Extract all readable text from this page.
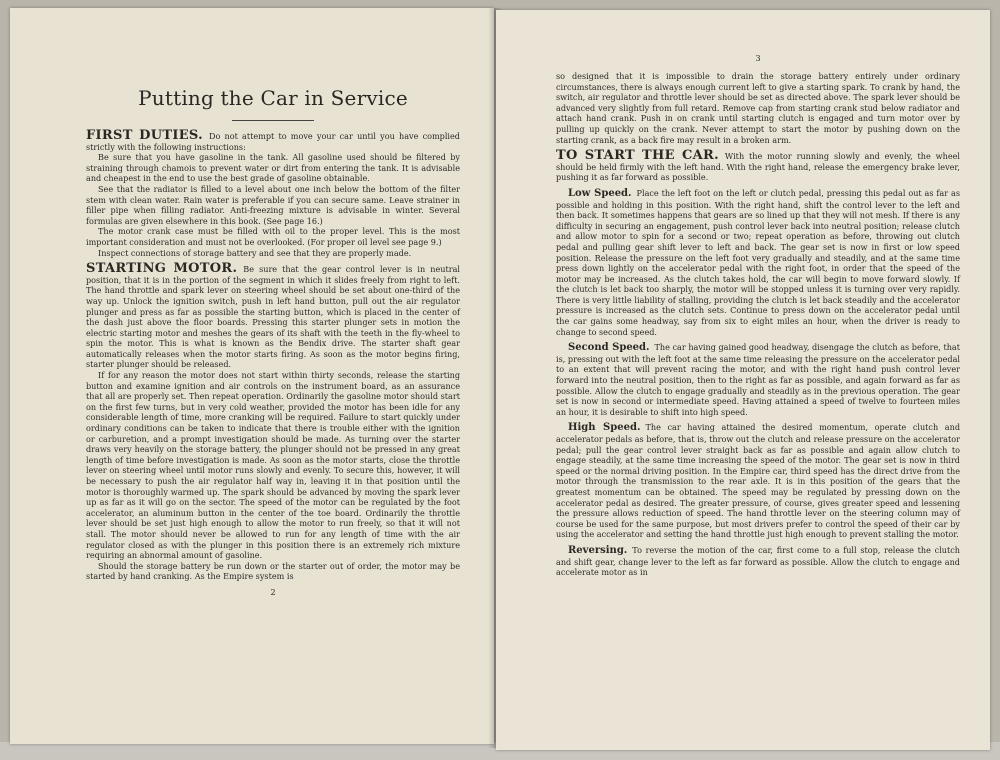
Putting the Car in Service

FIRST DUTIES. Do not attempt to move your car until you have complied strictly with the following instructions:

Be sure that you have gasoline in the tank. All gasoline used should be filtered by straining through chamois to prevent water or dirt from entering the tank. It is advisable and cheapest in the end to use the best grade of gasoline obtainable.

See that the radiator is filled to a level about one inch below the bottom of the filter stem with clean water. Rain water is preferable if you can secure same. Leave strainer in filler pipe when filling radiator. Anti-freezing mixture is advisable in winter. Several formulas are given elsewhere in this book. (See page 16.)

The motor crank case must be filled with oil to the proper level. This is the most important consideration and must not be overlooked. (For proper oil level see page 9.)

Inspect connections of storage battery and see that they are properly made.

STARTING MOTOR. Be sure that the gear control lever is in neutral position, that it is in the portion of the segment in which it slides freely from right to left. The hand throttle and spark lever on steering wheel should be set about one-third of the way up. Unlock the ignition switch, push in left hand button, pull out the air regulator plunger and press as far as possible the starting button, which is placed in the center of the dash just above the floor boards. Pressing this starter plunger sets in motion the electric starting motor and meshes the gears of its shaft with the teeth in the fly-wheel to spin the motor. This is what is known as the Bendix drive. The starter shaft gear automatically releases when the motor starts firing. As soon as the motor begins firing, starter plunger should be released.

If for any reason the motor does not start within thirty seconds, release the starting button and examine ignition and air controls on the instrument board, as an assurance that all are properly set. Then repeat operation. Ordinarily the gasoline motor should start on the first few turns, but in very cold weather, provided the motor has been idle for any considerable length of time, more cranking will be required. Failure to start quickly under ordinary conditions can be taken to indicate that there is trouble either with the ignition or carburetion, and a prompt investigation should be made. As turning over the starter draws very heavily on the storage battery, the plunger should not be pressed in any great length of time before investigation is made. As soon as the motor starts, close the throttle lever on steering wheel until motor runs slowly and evenly. To secure this, however, it will be necessary to push the air regulator half way in, leaving it in that position until the motor is thoroughly warmed up. The spark should be advanced by moving the spark lever up as far as it will go on the sector. The speed of the motor can be regulated by the foot accelerator, an aluminum button in the center of the toe board. Ordinarily the throttle lever should be set just high enough to allow the motor to run freely, so that it will not stall. The motor should never be allowed to run for any length of time with the air regulator closed as with the plunger in this position there is an extremely rich mixture requiring an abnormal amount of gasoline.

Should the storage battery be run down or the starter out of order, the motor may be started by hand cranking. As the Empire system is

2
3

so designed that it is impossible to drain the storage battery entirely under ordinary circumstances, there is always enough current left to give a starting spark. To crank by hand, the switch, air regulator and throttle lever should be set as directed above. The spark lever should be advanced very slightly from full retard. Remove cap from starting crank stud below radiator and attach hand crank. Push in on crank until starting clutch is engaged and turn motor over by pulling up quickly on the crank. Never attempt to start the motor by pushing down on the starting crank, as a back fire may result in a broken arm.

TO START THE CAR. With the motor running slowly and evenly, the wheel should be held firmly with the left hand. With the right hand, release the emergency brake lever, pushing it as far forward as possible.

Low Speed. Place the left foot on the left or clutch pedal, pressing this pedal out as far as possible and holding in this position. With the right hand, shift the control lever to the left and then back. It sometimes happens that gears are so lined up that they will not mesh. If there is any difficulty in securing an engagement, push control lever back into neutral position; release clutch and allow motor to spin for a second or two; repeat operation as before, throwing out clutch pedal and pulling gear shift lever to left and back. The gear set is now in first or low speed position. Release the pressure on the left foot very gradually and steadily, and at the same time press down lightly on the accelerator pedal with the right foot, in order that the speed of the motor may be increased. As the clutch takes hold, the car will begin to move forward slowly. If the clutch is let back too sharply, the motor will be stopped unless it is turning over very rapidly. There is very little liability of stalling, providing the clutch is let back steadily and the accelerator pressure is increased as the clutch sets. Continue to press down on the accelerator pedal until the car gains some headway, say from six to eight miles an hour, when the driver is ready to change to second speed.

Second Speed. The car having gained good headway, disengage the clutch as before, that is, pressing out with the left foot at the same time releasing the pressure on the accelerator pedal to an extent that will prevent racing the motor, and with the right hand push control lever forward into the neutral position, then to the right as far as possible, and again forward as far as possible. Allow the clutch to engage gradually and steadily as in the previous operation. The gear set is now in second or intermediate speed. Having attained a speed of twelve to fourteen miles an hour, it is desirable to shift into high speed.

High Speed. The car having attained the desired momentum, operate clutch and accelerator pedals as before, that is, throw out the clutch and release pressure on the accelerator pedal; pull the gear control lever straight back as far as possible and again allow clutch to engage steadily, at the same time increasing the speed of the motor. The gear set is now in third speed or the normal driving position. In the Empire car, third speed has the direct drive from the motor through the transmission to the rear axle. It is in this position of the gears that the greatest momentum can be obtained. The speed may be regulated by pressing down on the accelerator pedal as desired. The greater pressure, of course, gives greater speed and lessening the pressure allows reduction of speed. The hand throttle lever on the steering column may of course be used for the same purpose, but most drivers prefer to control the speed of their car by using the accelerator and setting the hand throttle just high enough to prevent stalling the motor.

Reversing. To reverse the motion of the car, first come to a full stop, release the clutch and shift gear, change lever to the left as far forward as possible. Allow the clutch to engage and accelerate motor as in
